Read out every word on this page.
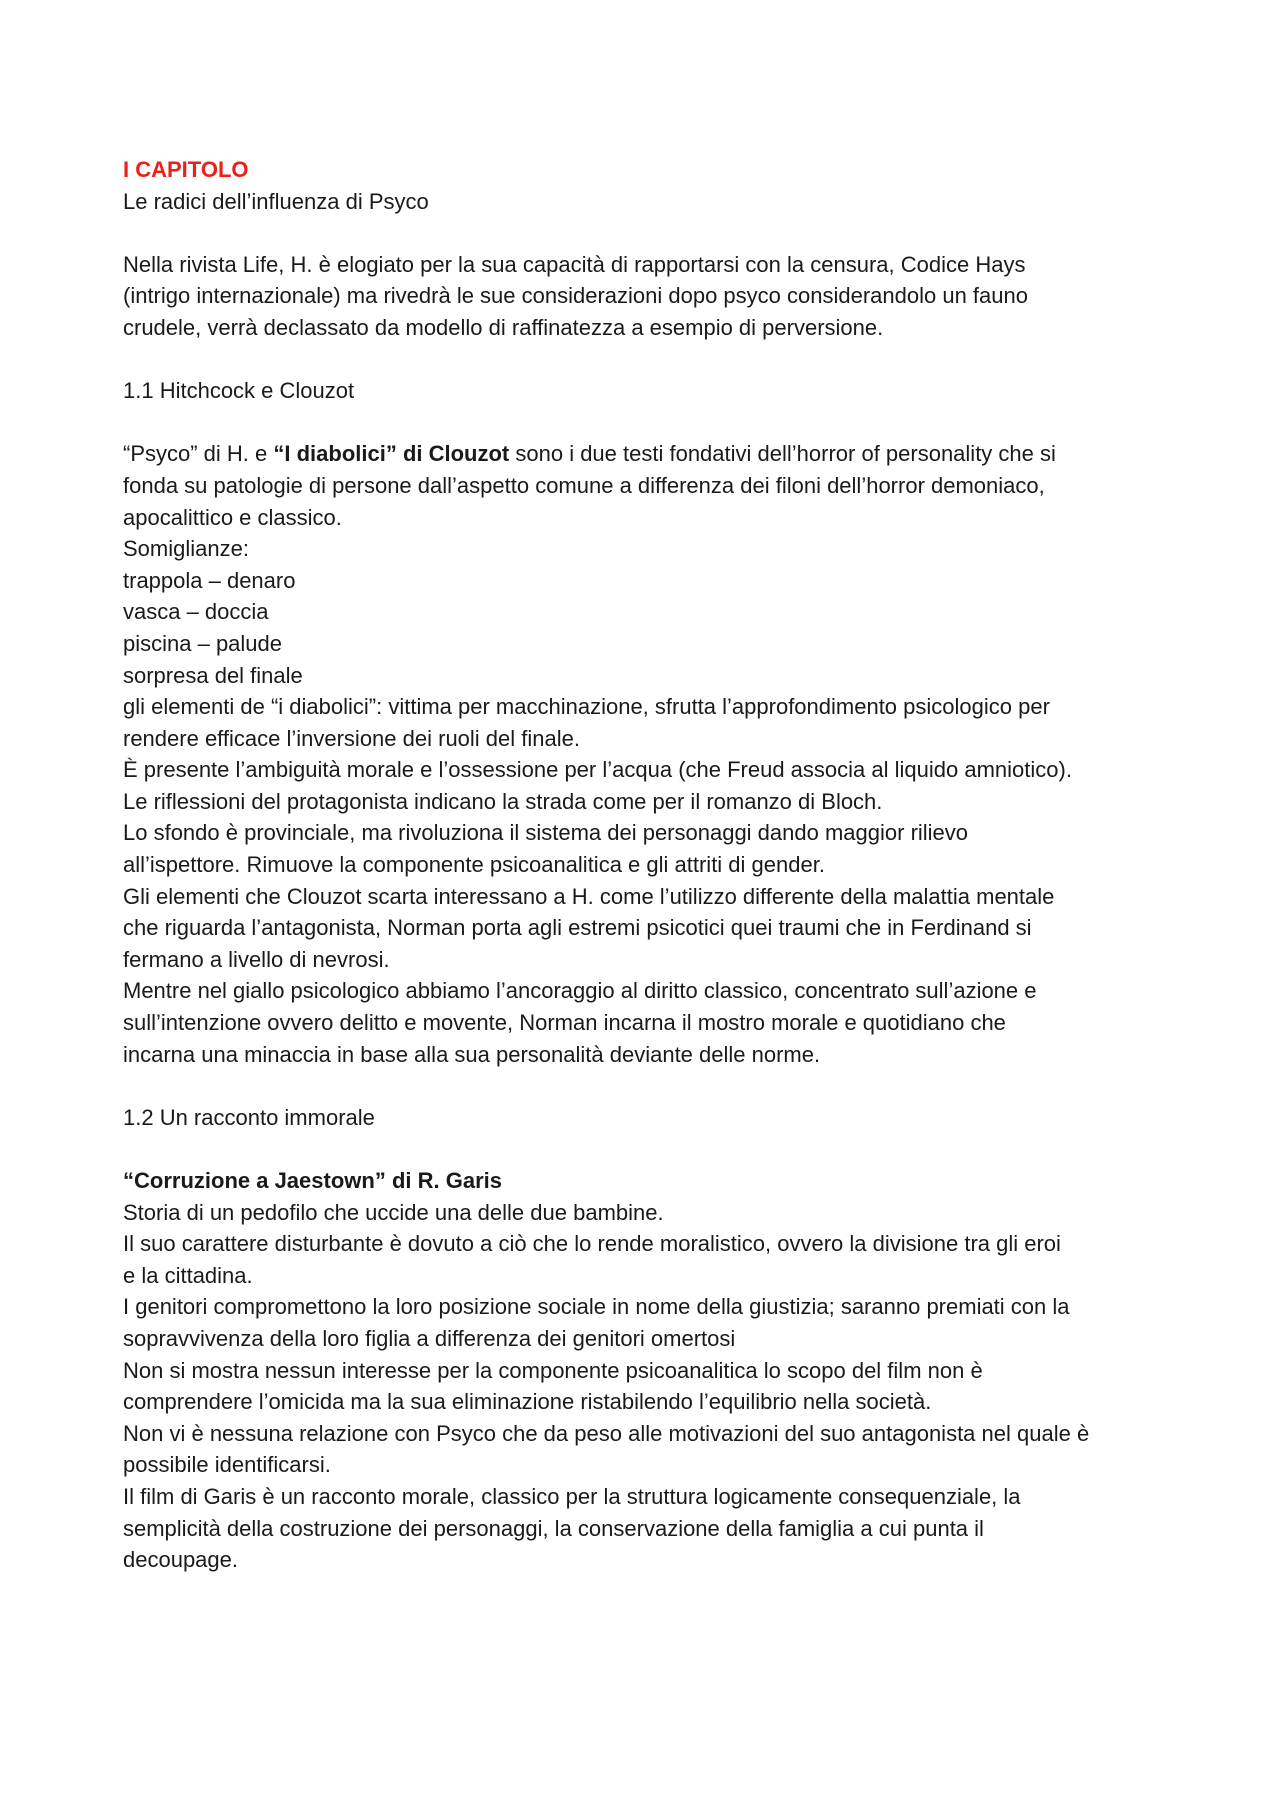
I CAPITOLO
Le radici dell’influenza di Psyco
Nella rivista Life, H. è elogiato per la sua capacità di rapportarsi con la censura, Codice Hays
(intrigo internazionale) ma rivedrà le sue considerazioni dopo psyco considerandolo un fauno
crudele, verrà declassato da modello di raffinatezza a esempio di perversione.
1.1 Hitchcock e Clouzot
“Psyco” di H. e “I diabolici” di Clouzot sono i due testi fondativi dell’horror of personality che si
fonda su patologie di persone dall’aspetto comune a differenza dei filoni dell’horror demoniaco,
apocalittico e classico.
Somiglianze:
trappola – denaro
vasca – doccia
piscina – palude
sorpresa del finale
gli elementi de “i diabolici”: vittima per macchinazione, sfrutta l’approfondimento psicologico per
rendere efficace l’inversione dei ruoli del finale.
È presente l’ambiguità morale e l’ossessione per l’acqua (che Freud associa al liquido amniotico).
Le riflessioni del protagonista indicano la strada come per il romanzo di Bloch.
Lo sfondo è provinciale, ma rivoluziona il sistema dei personaggi dando maggior rilievo
all’ispettore. Rimuove la componente psicoanalitica e gli attriti di gender.
Gli elementi che Clouzot scarta interessano a H. come l’utilizzo differente della malattia mentale
che riguarda l’antagonista, Norman porta agli estremi psicotici quei traumi che in Ferdinand si
fermano a livello di nevrosi.
Mentre nel giallo psicologico abbiamo l’ancoraggio al diritto classico, concentrato sull’azione e
sull’intenzione ovvero delitto e movente, Norman incarna il mostro morale e quotidiano che
incarna una minaccia in base alla sua personalità deviante delle norme.
1.2 Un racconto immorale
“Corruzione a Jaestown” di R. Garis
Storia di un pedofilo che uccide una delle due bambine.
Il suo carattere disturbante è dovuto a ciò che lo rende moralistico, ovvero la divisione tra gli eroi
e la cittadina.
I genitori compromettono la loro posizione sociale in nome della giustizia; saranno premiati con la
sopravvivenza della loro figlia a differenza dei genitori omertosi
Non si mostra nessun interesse per la componente psicoanalitica lo scopo del film non è
comprendere l’omicida ma la sua eliminazione ristabilendo l’equilibrio nella società.
Non vi è nessuna relazione con Psyco che da peso alle motivazioni del suo antagonista nel quale è
possibile identificarsi.
Il film di Garis è un racconto morale, classico per la struttura logicamente consequenziale, la
semplicità della costruzione dei personaggi, la conservazione della famiglia a cui punta il
decoupage.
